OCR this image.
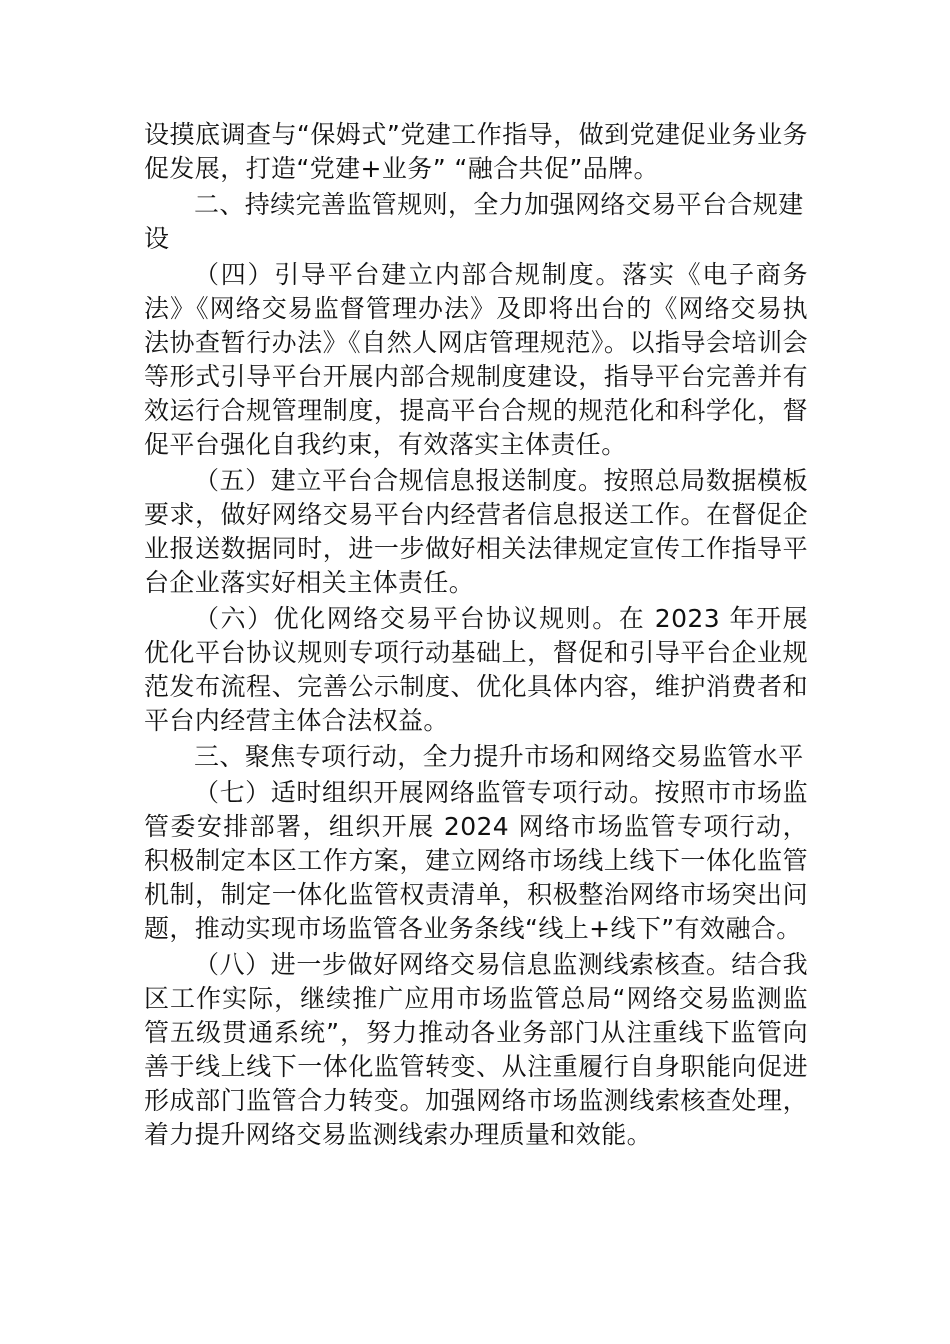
设摸底调查与“保姆式”党建工作指导，做到党建促业务业务促发展，打造“党建+业务” “融合共促”品牌。

二、持续完善监管规则，全力加强网络交易平台合规建设

（四）引导平台建立内部合规制度。落实《电子商务法》《网络交易监督管理办法》及即将出台的《网络交易执法协查暂行办法》《自然人网店管理规范》。以指导会培训会等形式引导平台开展内部合规制度建设，指导平台完善并有效运行合规管理制度，提高平台合规的规范化和科学化，督促平台强化自我约束，有效落实主体责任。

（五）建立平台合规信息报送制度。按照总局数据模板要求，做好网络交易平台内经营者信息报送工作。在督促企业报送数据同时，进一步做好相关法律规定宣传工作指导平台企业落实好相关主体责任。

（六）优化网络交易平台协议规则。在 2023 年开展优化平台协议规则专项行动基础上，督促和引导平台企业规范发布流程、完善公示制度、优化具体内容，维护消费者和平台内经营主体合法权益。

三、聚焦专项行动，全力提升市场和网络交易监管水平

（七）适时组织开展网络监管专项行动。按照市市场监管委安排部署，组织开展 2024 网络市场监管专项行动，积极制定本区工作方案，建立网络市场线上线下一体化监管机制，制定一体化监管权责清单，积极整治网络市场突出问题，推动实现市场监管各业务条线“线上+线下”有效融合。

（八）进一步做好网络交易信息监测线索核查。结合我区工作实际，继续推广应用市场监管总局“网络交易监测监管五级贯通系统”，努力推动各业务部门从注重线下监管向善于线上线下一体化监管转变、从注重履行自身职能向促进形成部门监管合力转变。加强网络市场监测线索核查处理，着力提升网络交易监测线索办理质量和效能。
